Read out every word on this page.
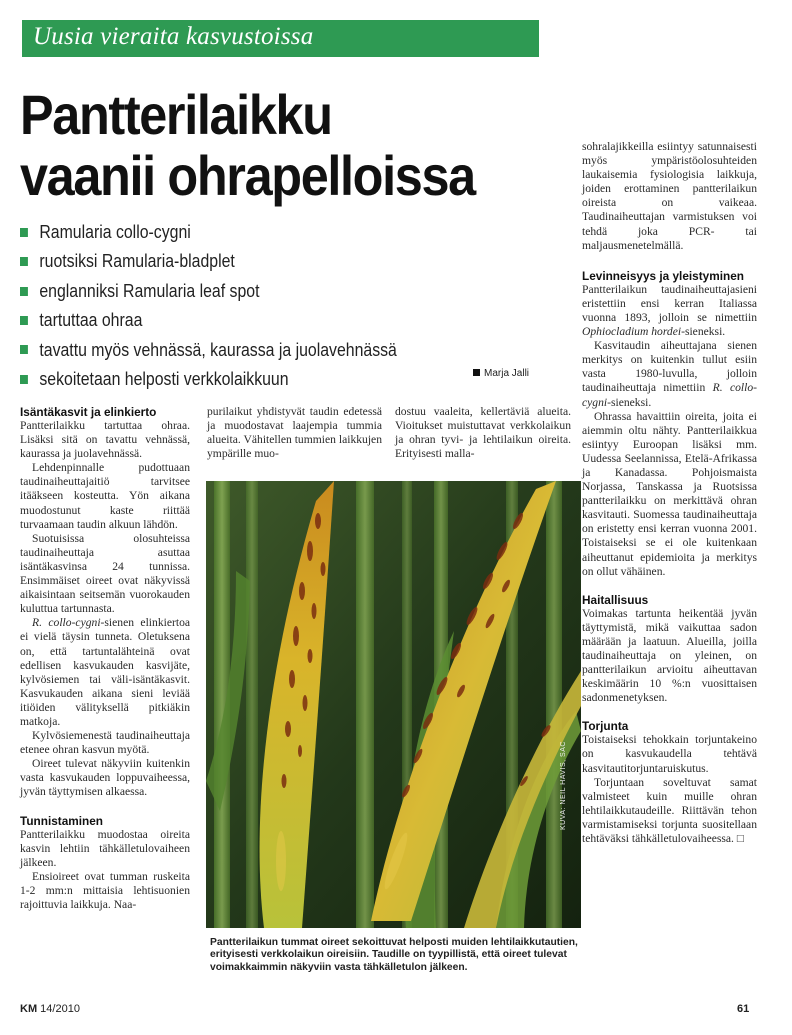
Uusia vieraita kasvustoissa
Pantterilaikku
vaanii ohrapelloissa
Ramularia collo-cygni
ruotsiksi Ramularia-bladplet
englanniksi Ramularia leaf spot
tartuttaa ohraa
tavattu myös vehnässä, kaurassa ja juolavehnässä
sekoitetaan helposti verkkolaikkuun	Marja Jalli
Isäntäkasvit ja elinkierto

Pantterilaikku tartuttaa ohraa. Lisäksi sitä on tavattu vehnässä, kaurassa ja juolavehnässä.

Lehdenpinnalle pudottuaan taudinaiheuttajaitiö tarvitsee itääkseen kosteutta. Yön aikana muodostunut kaste riittää turvaamaan taudin alkuun lähdön.

Suotuisissa olosuhteissa taudinaiheuttaja asuttaa isäntäkasvinsa 24 tunnissa. Ensimmäiset oireet ovat näkyvissä aikaisintaan seitsemän vuorokauden kuluttua tartunnasta.

R. collo-cygni-sienen elinkiertoa ei vielä täysin tunneta. Oletuksena on, että tartuntalähteinä ovat edellisen kasvukauden kasvijäte, kylvösiemen tai väli-isäntäkasvit. Kasvukauden aikana sieni leviää itiöiden välityksellä pitkiäkin matkoja.

Kylvösiemenestä taudinaiheuttaja etenee ohran kasvun myötä.

Oireet tulevat näkyviin kuitenkin vasta kasvukauden loppuvaiheessa, jyvän täyttymisen alkaessa.

Tunnistaminen

Pantterilaikku muodostaa oireita kasvin lehtiin tähkälletulovaiheen jälkeen.

Ensioireet ovat tumman ruskeita 1-2 mm:n mittaisia lehtisuonien rajoittuvia laikkuja. Naa-

purilaikut yhdistyvät taudin edetessä ja muodostavat laajempia tummia alueita. Vähitellen tummien laikkujen ympärille muo-

dostuu vaaleita, kellertäviä alueita. Vioitukset muistuttavat verkkolaikun ja ohran tyvi- ja lehtilaikun oireita. Erityisesti malla-

sohralajikkeilla esiintyy satunnaisesti myös ympäristöolosuhteiden laukaisemia fysiologisia laikkuja, joiden erottaminen pantterilaikun oireista on vaikeaa. Taudinaiheuttajan varmistuksen voi tehdä joka PCR- tai maljausmenetelmällä.

Levinneisyys ja yleistyminen

Pantterilaikun taudinaiheuttajasieni eristettiin ensi kerran Italiassa vuonna 1893, jolloin se nimettiin Ophiocladium hordei-sieneksi.

Kasvitaudin aiheuttajana sienen merkitys on kuitenkin tullut esiin vasta 1980-luvulla, jolloin taudinaiheuttaja nimettiin R. collo-cygni-sieneksi.

Ohrassa havaittiin oireita, joita ei aiemmin oltu nähty. Pantterilaikkua esiintyy Euroopan lisäksi mm. Uudessa Seelannissa, Etelä-Afrikassa ja Kanadassa. Pohjoismaista Norjassa, Tanskassa ja Ruotsissa pantterilaikku on merkittävä ohran kasvitauti. Suomessa taudinaiheuttaja on eristetty ensi kerran vuonna 2001. Toistaiseksi se ei ole kuitenkaan aiheuttanut epidemioita ja merkitys on ollut vähäinen.

Haitallisuus

Voimakas tartunta heikentää jyvän täyttymistä, mikä vaikuttaa sadon määrään ja laatuun. Alueilla, joilla taudinaiheuttaja on yleinen, on pantterilaikun arvioitu aiheuttavan keskimäärin 10 %:n vuosittaisen sadonmenetyksen.

Torjunta

Toistaiseksi tehokkain torjuntakeino on kasvukaudella tehtävä kasvitautitorjuntaruiskutus.

Torjuntaan soveltuvat samat valmisteet kuin muille ohran lehtilaikkutaudeille. Riittävän tehon varmistamiseksi torjunta suositellaan tehtäväksi tähkälletulovaiheessa. □

KUVA: NEIL HAVIS, SAC
Pantterilaikun tummat oireet sekoittuvat helposti muiden lehtilaikkutautien, erityisesti verkkolaikun oireisiin. Taudille on tyypillistä, että oireet tulevat voimakkaimmin näkyviin vasta tähkälletulon jälkeen.
KM 14/2010	61
